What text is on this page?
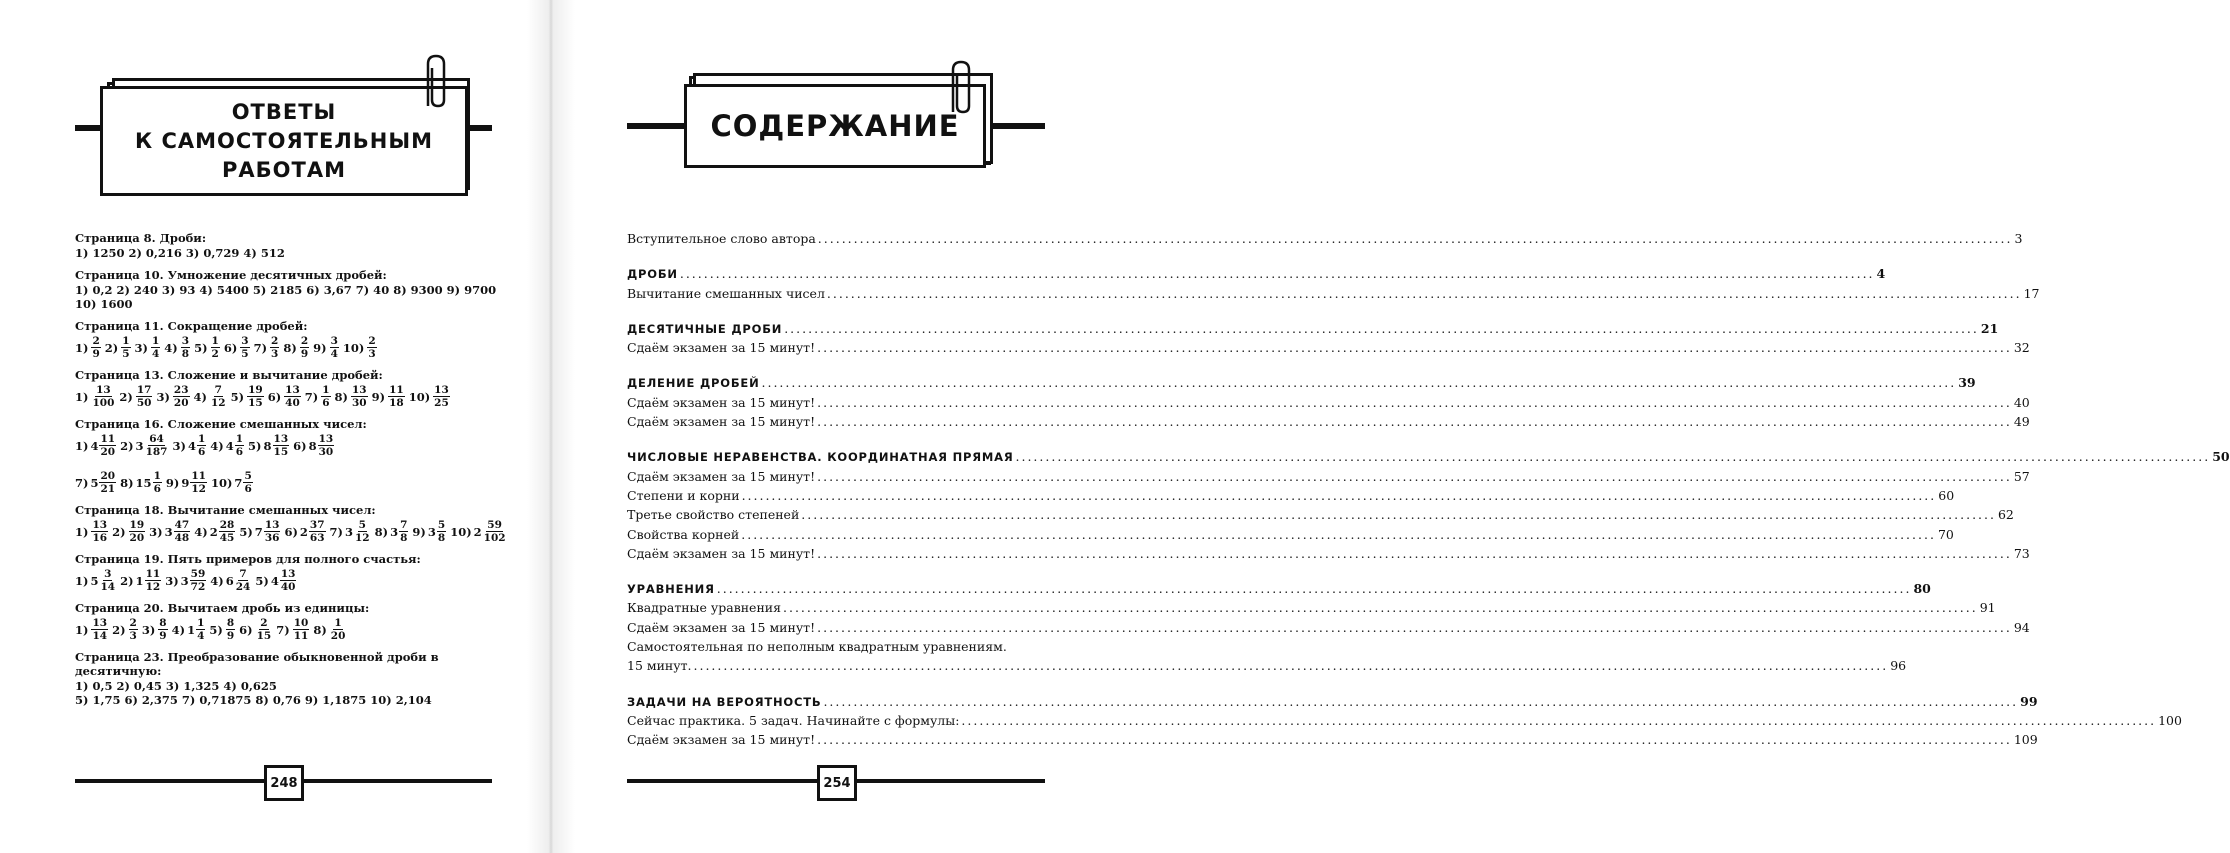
ОТВЕТЫ
К САМОСТОЯТЕЛЬНЫМ
РАБОТАМ
Страница 8. Дроби:
1) 1250 2) 0,216 3) 0,729 4) 512
Страница 10. Умножение десятичных дробей:
1) 0,2 2) 240 3) 93 4) 5400 5) 2185 6) 3,67 7) 40 8) 9300 9) 9700 10) 1600
Страница 11. Сокращение дробей:
$1) \frac{2}{9} 2) \frac{1}{5} 3) \frac{1}{4} 4) \frac{3}{8} 5) \frac{1}{2} 6) \frac{3}{5} 7) \frac{2}{3} 8) \frac{2}{9} 9) \frac{3}{4} 10) \frac{2}{3}$
Страница 13. Сложение и вычитание дробей:
$1) \frac{13}{100} 2) \frac{17}{50} 3) \frac{23}{20} 4) \frac{7}{12} 5) \frac{19}{15} 6) \frac{13}{40} 7) \frac{1}{6} 8) \frac{13}{30} 9) \frac{11}{18} 10) \frac{13}{25}$
Страница 16. Сложение смешанных чисел:
1) $4 \frac{11}{20} 2$) $3 \frac{64}{187} 3$) $4 \frac{1}{6} 4$) $4 \frac{1}{6} 5$) $8 \frac{13}{15} 6$) $8 \frac{13}{30}$
7) $5 \frac{20}{21} 8$) $15 \frac{1}{6} 9$) $9 \frac{11}{12} 10$) $7 \frac{5}{6}$
Страница 18. Вычитание смешанных чисел:
$1) \frac{13}{16} 2) \frac{19}{20} 3$) $3 \frac{47}{48} 4$) $2 \frac{28}{45} 5$) $7 \frac{13}{36} 6$) $2 \frac{37}{63} 7$) $3 \frac{5}{12} 8$) $3 \frac{7}{8} 9$) $3 \frac{5}{8} 10$) $2 \frac{59}{102}$
Страница 19. Пять примеров для полного счастья:
1) $5 \frac{3}{14} 2$) $1 \frac{11}{12} 3$) $3 \frac{59}{72} 4$) $6 \frac{7}{24} 5$) $4 \frac{13}{40}$
Страница 20. Вычитаем дробь из единицы:
$1) \frac{13}{14} 2) \frac{2}{3} 3) \frac{8}{9} 4$) $1 \frac{1}{4} 5) \frac{8}{9} 6) \frac{2}{15} 7) \frac{10}{11} 8) \frac{1}{20}$
Страница 23. Преобразование обыкновенной дроби в десятичную:
1) 0,5 2) 0,45 3) 1,325 4) 0,625
5) 1,75 6) 2,375 7) 0,71875 8) 0,76 9) 1,1875 10) 2,104
248
СОДЕРЖАНИЕ
Вступительное слово автора ........................................................................................................................................................................................................ 3
ДРОБИ ........................................................................................................................................................................................................ 4
Вычитание смешанных чисел ........................................................................................................................................................................................................ 17
ДЕСЯТИЧНЫЕ ДРОБИ ........................................................................................................................................................................................................ 21
Сдаём экзамен за 15 минут! ........................................................................................................................................................................................................ 32
ДЕЛЕНИЕ ДРОБЕЙ ........................................................................................................................................................................................................ 39
Сдаём экзамен за 15 минут! ........................................................................................................................................................................................................ 40
Сдаём экзамен за 15 минут! ........................................................................................................................................................................................................ 49
ЧИСЛОВЫЕ НЕРАВЕНСТВА. КООРДИНАТНАЯ ПРЯМАЯ ........................................................................................................................................................................................................ 50
Сдаём экзамен за 15 минут! ........................................................................................................................................................................................................ 57
Степени и корни ........................................................................................................................................................................................................ 60
Третье свойство степеней ........................................................................................................................................................................................................ 62
Свойства корней ........................................................................................................................................................................................................ 70
Сдаём экзамен за 15 минут! ........................................................................................................................................................................................................ 73
УРАВНЕНИЯ ........................................................................................................................................................................................................ 80
Квадратные уравнения ........................................................................................................................................................................................................ 91
Сдаём экзамен за 15 минут! ........................................................................................................................................................................................................ 94
Самостоятельная по неполным квадратным уравнениям.
15 минут. ........................................................................................................................................................................................................ 96
ЗАДАЧИ НА ВЕРОЯТНОСТЬ ........................................................................................................................................................................................................ 99
Сейчас практика. 5 задач. Начинайте с формулы: ........................................................................................................................................................................................................ 100
Сдаём экзамен за 15 минут! ........................................................................................................................................................................................................ 109
254
